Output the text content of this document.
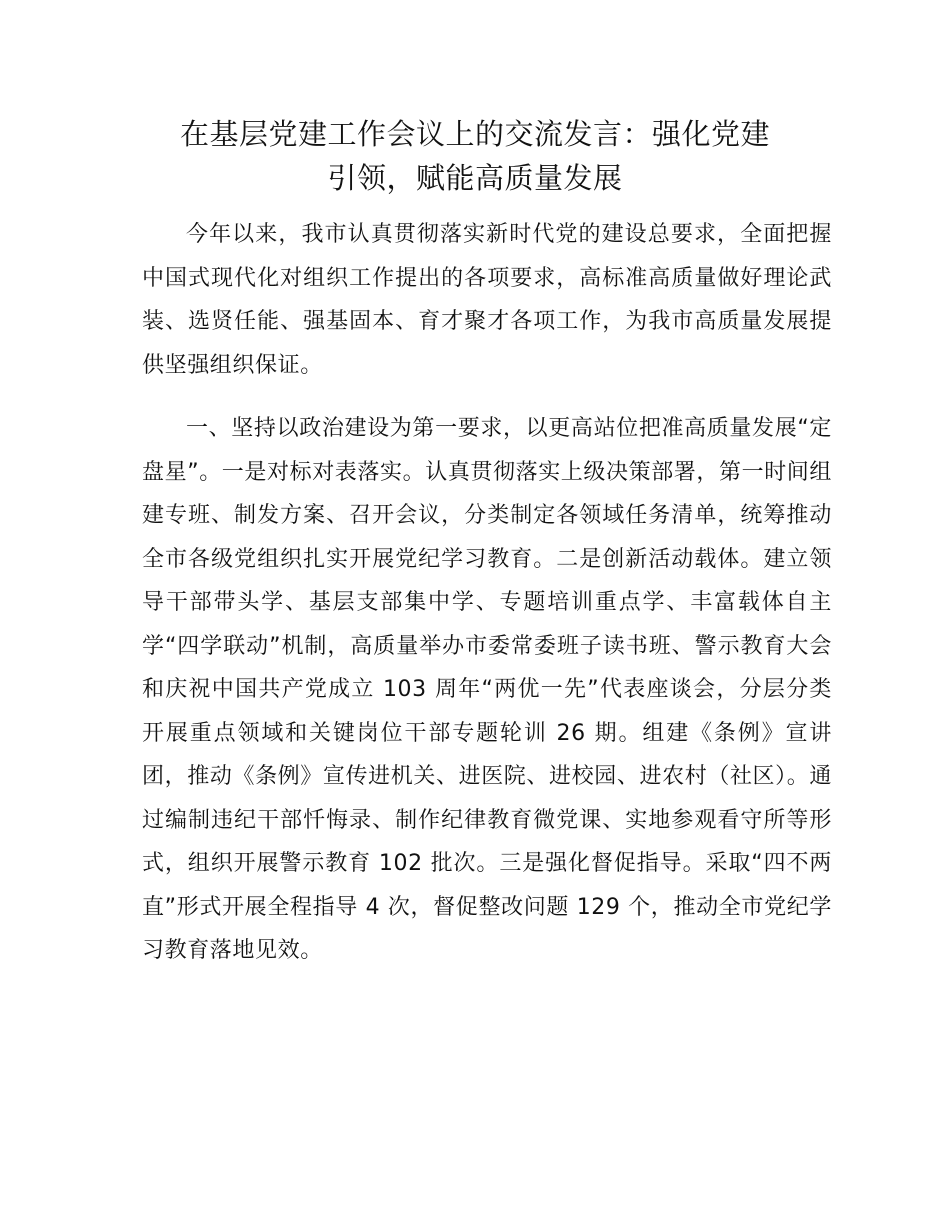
在基层党建工作会议上的交流发言：强化党建
引领，赋能高质量发展

今年以来，我市认真贯彻落实新时代党的建设总要求，全面把握中国式现代化对组织工作提出的各项要求，高标准高质量做好理论武装、选贤任能、强基固本、育才聚才各项工作，为我市高质量发展提供坚强组织保证。

一、坚持以政治建设为第一要求，以更高站位把准高质量发展“定盘星”。一是对标对表落实。认真贯彻落实上级决策部署，第一时间组建专班、制发方案、召开会议，分类制定各领域任务清单，统筹推动全市各级党组织扎实开展党纪学习教育。二是创新活动载体。建立领导干部带头学、基层支部集中学、专题培训重点学、丰富载体自主学“四学联动”机制，高质量举办市委常委班子读书班、警示教育大会和庆祝中国共产党成立 103 周年“两优一先”代表座谈会，分层分类开展重点领域和关键岗位干部专题轮训 26 期。组建《条例》宣讲团，推动《条例》宣传进机关、进医院、进校园、进农村（社区）。通过编制违纪干部忏悔录、制作纪律教育微党课、实地参观看守所等形式，组织开展警示教育 102 批次。三是强化督促指导。采取“四不两直”形式开展全程指导 4 次，督促整改问题 129 个，推动全市党纪学习教育落地见效。
